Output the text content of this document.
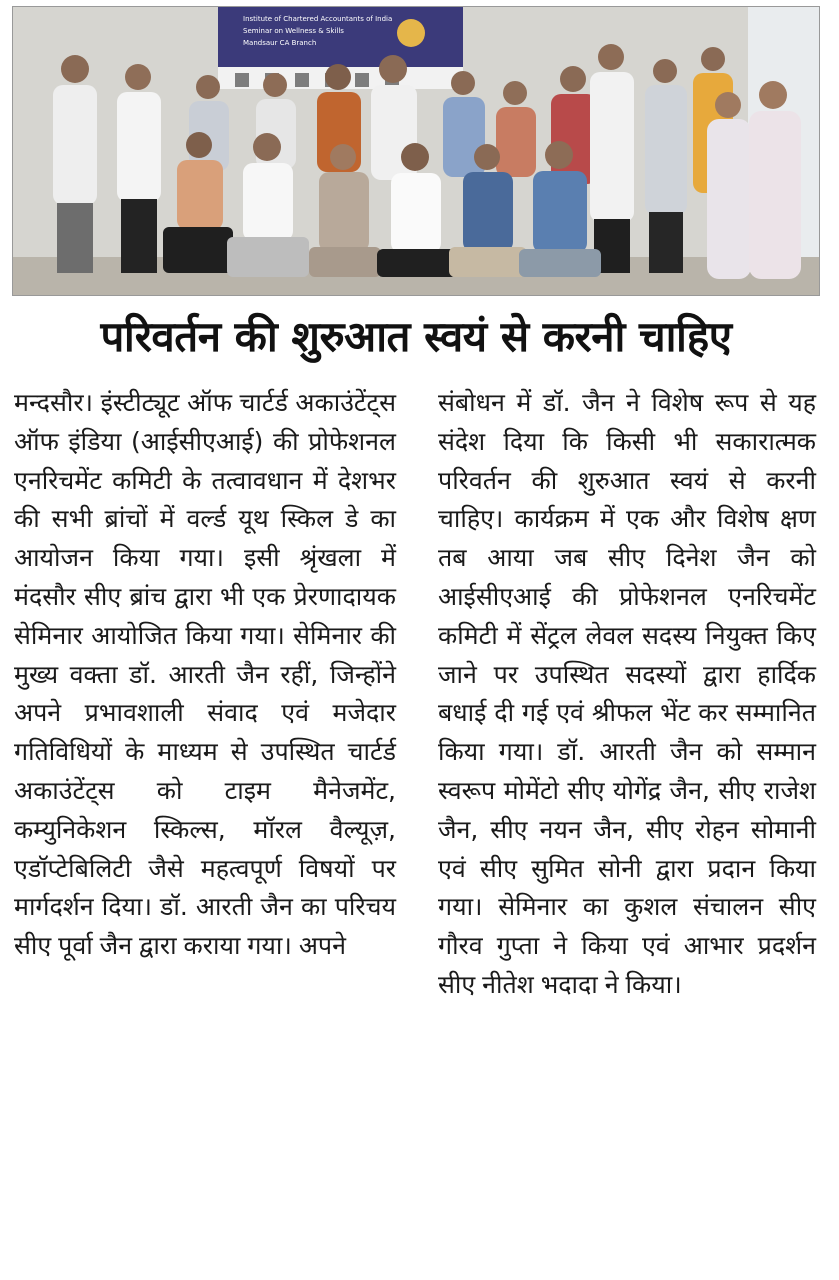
Institute of Chartered Accountants of India
Seminar on Wellness & Skills
Mandsaur CA Branch
परिवर्तन की शुरुआत स्वयं से करनी चाहिए

मन्दसौर। इंस्टीट्यूट ऑफ चार्टर्ड अकाउंटेंट्स ऑफ इंडिया (आईसीएआई) की प्रोफेशनल एनरिचमेंट कमिटी के तत्वावधान में देशभर की सभी ब्रांचों में वर्ल्ड यूथ स्किल डे का आयोजन किया गया। इसी श्रृंखला में मंदसौर सीए ब्रांच द्वारा भी एक प्रेरणादायक सेमिनार आयोजित किया गया। सेमिनार की मुख्य वक्ता डॉ. आरती जैन रहीं, जिन्होंने अपने प्रभावशाली संवाद एवं मजेदार गतिविधियों के माध्यम से उपस्थित चार्टर्ड अकाउंटेंट्स को टाइम मैनेजमेंट, कम्युनिकेशन स्किल्स, मॉरल वैल्यूज़, एडॉप्टेबिलिटी जैसे महत्वपूर्ण विषयों पर मार्गदर्शन दिया। डॉ. आरती जैन का परिचय सीए पूर्वा जैन द्वारा कराया गया। अपने

संबोधन में डॉ. जैन ने विशेष रूप से यह संदेश दिया कि किसी भी सकारात्मक परिवर्तन की शुरुआत स्वयं से करनी चाहिए। कार्यक्रम में एक और विशेष क्षण तब आया जब सीए दिनेश जैन को आईसीएआई की प्रोफेशनल एनरिचमेंट कमिटी में सेंट्रल लेवल सदस्य नियुक्त किए जाने पर उपस्थित सदस्यों द्वारा हार्दिक बधाई दी गई एवं श्रीफल भेंट कर सम्मानित किया गया। डॉ. आरती जैन को सम्मान स्वरूप मोमेंटो सीए योगेंद्र जैन, सीए राजेश जैन, सीए नयन जैन, सीए रोहन सोमानी एवं सीए सुमित सोनी द्वारा प्रदान किया गया। सेमिनार का कुशल संचालन सीए गौरव गुप्ता ने किया एवं आभार प्रदर्शन सीए नीतेश भदादा ने किया।
